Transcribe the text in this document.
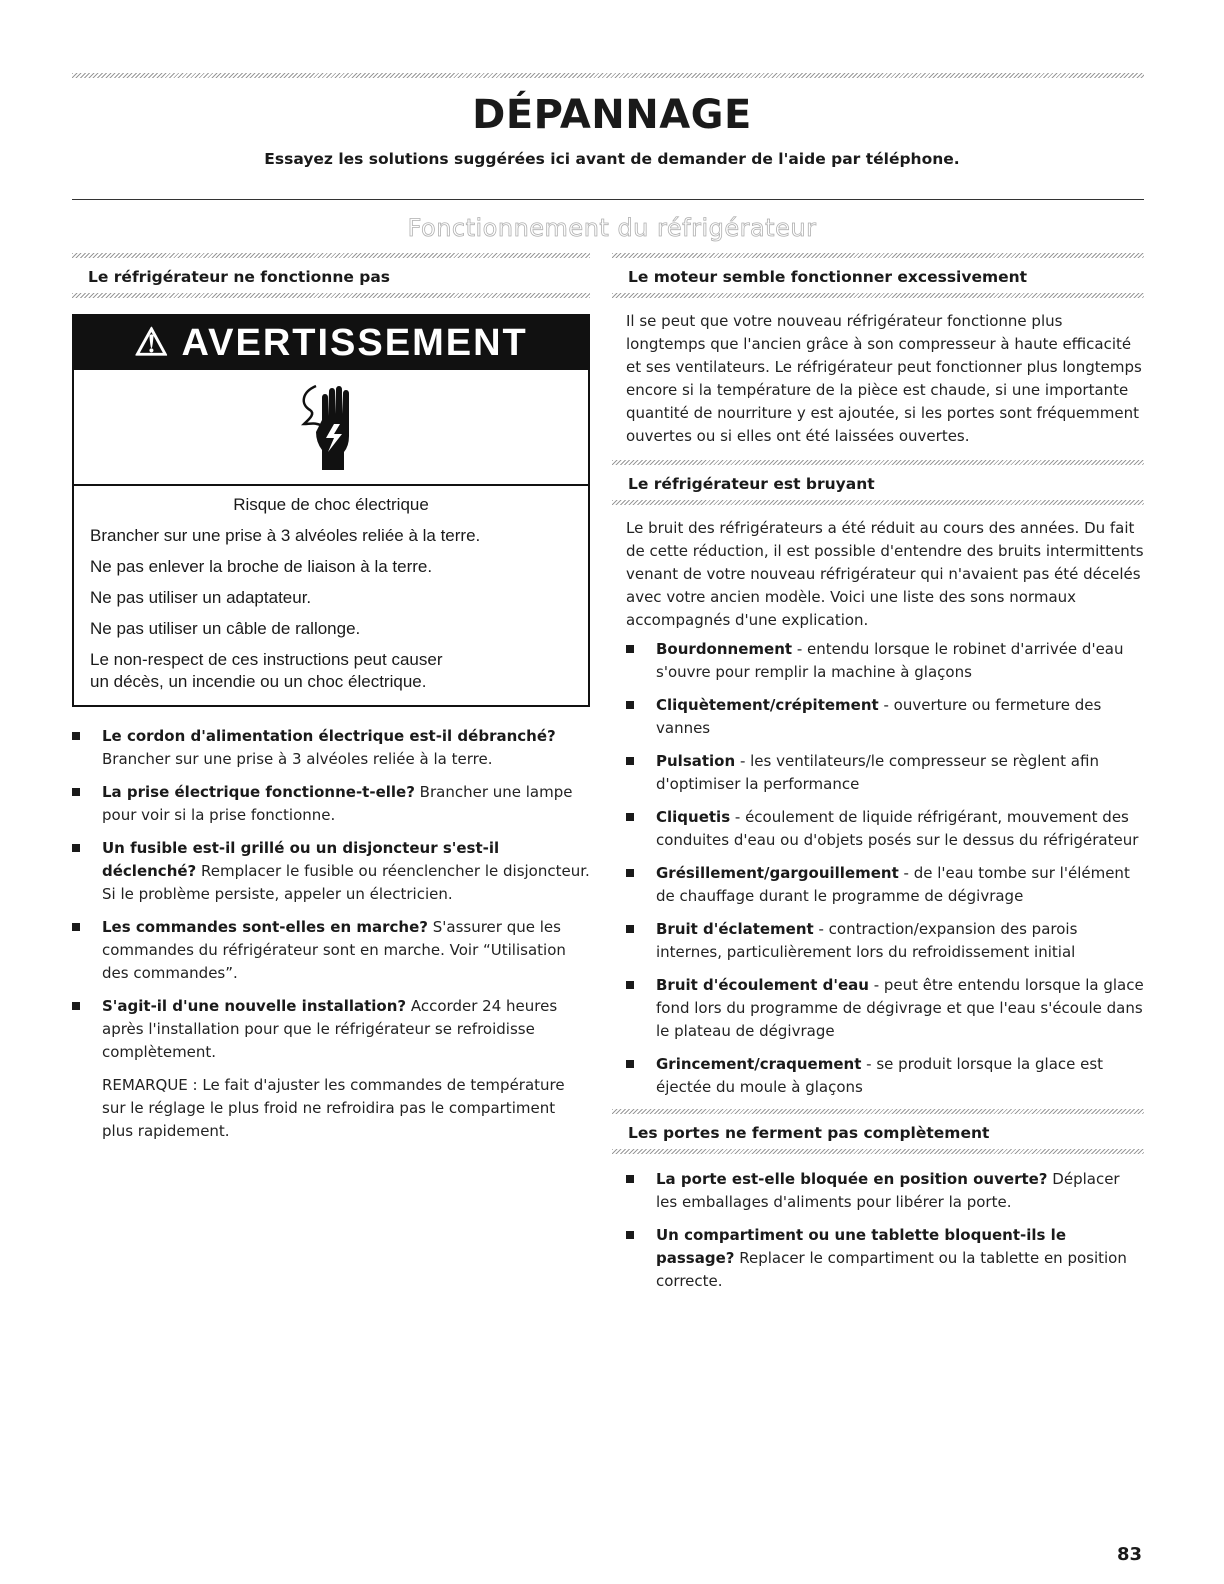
DÉPANNAGE

Essayez les solutions suggérées ici avant de demander de l'aide par téléphone.

Fonctionnement du réfrigérateur
Le réfrigérateur ne fonctionne pas
⚠ AVERTISSEMENT
Risque de choc électrique
Brancher sur une prise à 3 alvéoles reliée à la terre.
Ne pas enlever la broche de liaison à la terre.
Ne pas utiliser un adaptateur.
Ne pas utiliser un câble de rallonge.
Le non-respect de ces instructions peut causer
un décès, un incendie ou un choc électrique.
Le cordon d'alimentation électrique est-il débranché? Brancher sur une prise à 3 alvéoles reliée à la terre.
La prise électrique fonctionne-t-elle? Brancher une lampe pour voir si la prise fonctionne.
Un fusible est-il grillé ou un disjoncteur s'est-il déclenché? Remplacer le fusible ou réenclencher le disjoncteur. Si le problème persiste, appeler un électricien.
Les commandes sont-elles en marche? S'assurer que les commandes du réfrigérateur sont en marche. Voir “Utilisation des commandes”.
S'agit-il d'une nouvelle installation? Accorder 24 heures après l'installation pour que le réfrigérateur se refroidisse complètement.

REMARQUE : Le fait d'ajuster les commandes de température sur le réglage le plus froid ne refroidira pas le compartiment plus rapidement.

Le moteur semble fonctionner excessivement

Il se peut que votre nouveau réfrigérateur fonctionne plus longtemps que l'ancien grâce à son compresseur à haute efficacité et ses ventilateurs. Le réfrigérateur peut fonctionner plus longtemps encore si la température de la pièce est chaude, si une importante quantité de nourriture y est ajoutée, si les portes sont fréquemment ouvertes ou si elles ont été laissées ouvertes.

Le réfrigérateur est bruyant

Le bruit des réfrigérateurs a été réduit au cours des années. Du fait de cette réduction, il est possible d'entendre des bruits intermittents venant de votre nouveau réfrigérateur qui n'avaient pas été décelés avec votre ancien modèle. Voici une liste des sons normaux accompagnés d'une explication.

Bourdonnement - entendu lorsque le robinet d'arrivée d'eau s'ouvre pour remplir la machine à glaçons
Cliquètement/crépitement - ouverture ou fermeture des vannes
Pulsation - les ventilateurs/le compresseur se règlent afin d'optimiser la performance
Cliquetis - écoulement de liquide réfrigérant, mouvement des conduites d'eau ou d'objets posés sur le dessus du réfrigérateur
Grésillement/gargouillement - de l'eau tombe sur l'élément de chauffage durant le programme de dégivrage
Bruit d'éclatement - contraction/expansion des parois internes, particulièrement lors du refroidissement initial
Bruit d'écoulement d'eau - peut être entendu lorsque la glace fond lors du programme de dégivrage et que l'eau s'écoule dans le plateau de dégivrage
Grincement/craquement - se produit lorsque la glace est éjectée du moule à glaçons
Les portes ne ferment pas complètement
La porte est-elle bloquée en position ouverte? Déplacer les emballages d'aliments pour libérer la porte.
Un compartiment ou une tablette bloquent-ils le passage? Replacer le compartiment ou la tablette en position correcte.
83
